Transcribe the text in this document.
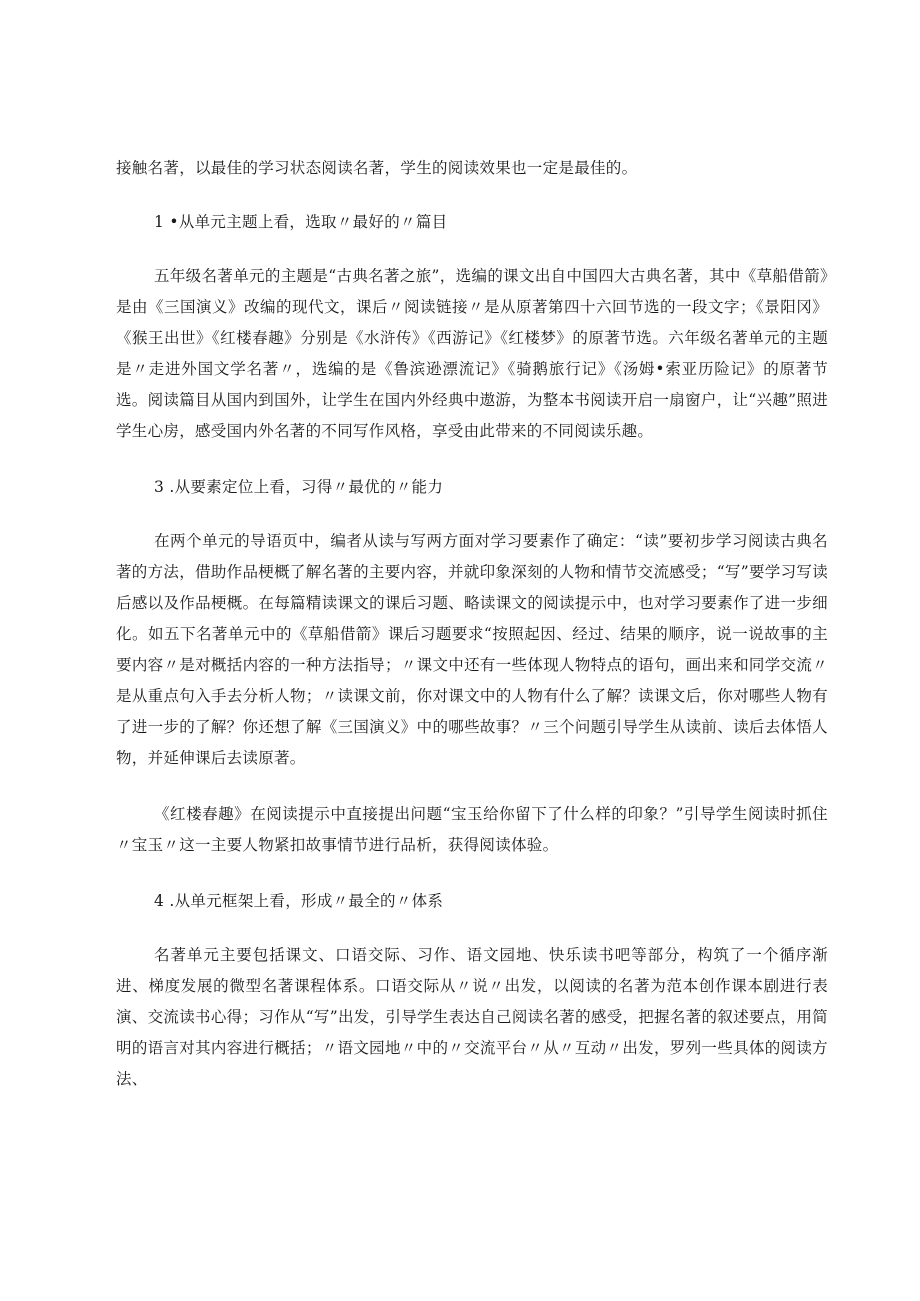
接触名著，以最佳的学习状态阅读名著，学生的阅读效果也一定是最佳的。

1 •从单元主题上看，选取〃最好的〃篇目

五年级名著单元的主题是“古典名著之旅”，选编的课文出自中国四大古典名著，其中《草船借箭》是由《三国演义》改编的现代文，课后〃阅读链接〃是从原著第四十六回节选的一段文字；《景阳冈》《猴王出世》《红楼春趣》分别是《水浒传》《西游记》《红楼梦》的原著节选。六年级名著单元的主题是〃走进外国文学名著〃，选编的是《鲁滨逊漂流记》《骑鹅旅行记》《汤姆•索亚历险记》的原著节选。阅读篇目从国内到国外，让学生在国内外经典中遨游，为整本书阅读开启一扇窗户，让“兴趣”照进学生心房，感受国内外名著的不同写作风格，享受由此带来的不同阅读乐趣。

3 .从要素定位上看，习得〃最优的〃能力

在两个单元的导语页中，编者从读与写两方面对学习要素作了确定：“读”要初步学习阅读古典名著的方法，借助作品梗概了解名著的主要内容，并就印象深刻的人物和情节交流感受；“写”要学习写读后感以及作品梗概。在每篇精读课文的课后习题、略读课文的阅读提示中，也对学习要素作了进一步细化。如五下名著单元中的《草船借箭》课后习题要求“按照起因、经过、结果的顺序，说一说故事的主要内容〃是对概括内容的一种方法指导；〃课文中还有一些体现人物特点的语句，画出来和同学交流〃是从重点句入手去分析人物；〃读课文前，你对课文中的人物有什么了解？读课文后，你对哪些人物有了进一步的了解？你还想了解《三国演义》中的哪些故事？〃三个问题引导学生从读前、读后去体悟人物，并延伸课后去读原著。

《红楼春趣》在阅读提示中直接提出问题“宝玉给你留下了什么样的印象？”引导学生阅读时抓住〃宝玉〃这一主要人物紧扣故事情节进行品析，获得阅读体验。

4 .从单元框架上看，形成〃最全的〃体系

名著单元主要包括课文、口语交际、习作、语文园地、快乐读书吧等部分，构筑了一个循序渐进、梯度发展的微型名著课程体系。口语交际从〃说〃出发，以阅读的名著为范本创作课本剧进行表演、交流读书心得；习作从“写”出发，引导学生表达自己阅读名著的感受，把握名著的叙述要点，用简明的语言对其内容进行概括；〃语文园地〃中的〃交流平台〃从〃互动〃出发，罗列一些具体的阅读方法、
